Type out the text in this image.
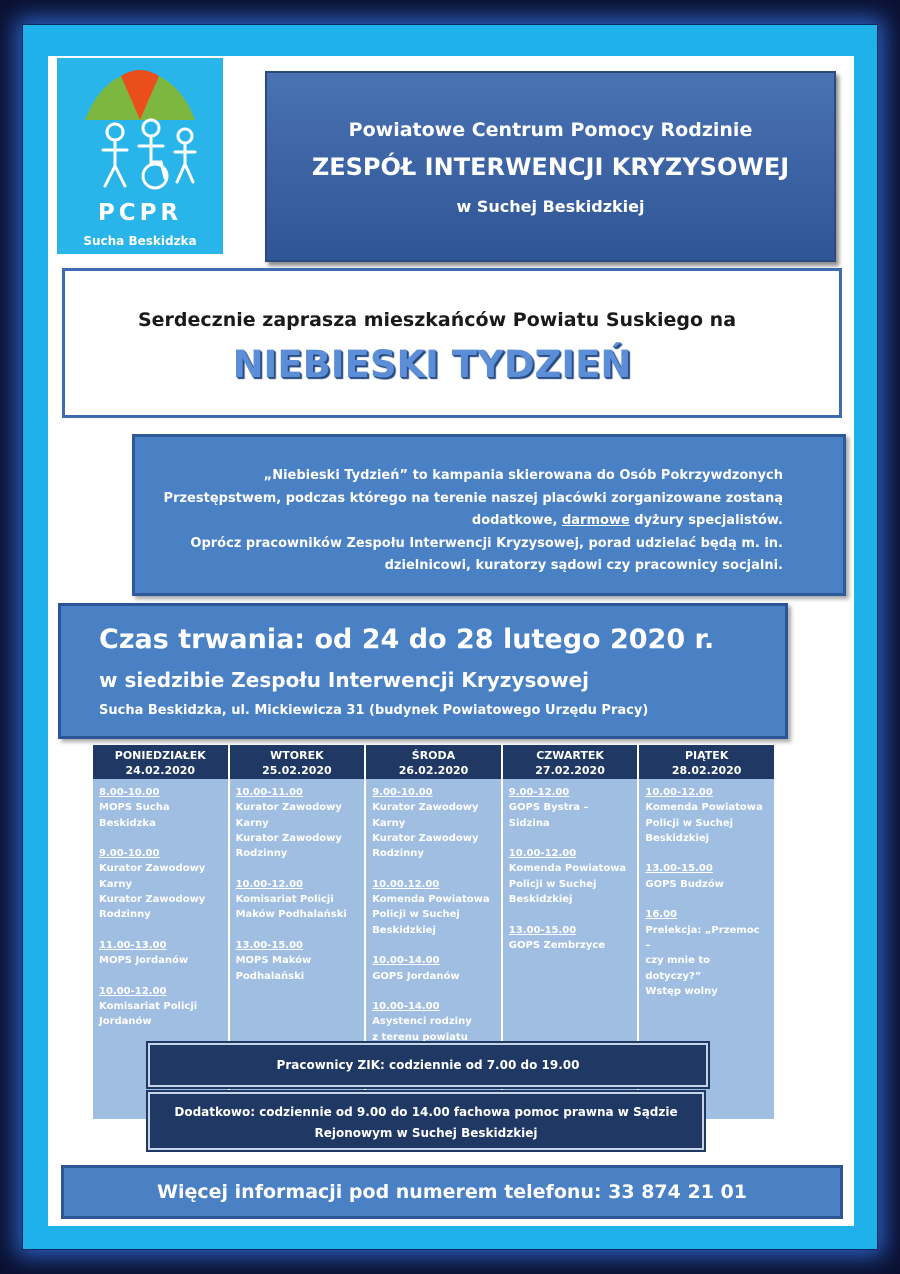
PCPR
Sucha Beskidzka
Powiatowe Centrum Pomocy Rodzinie
ZESPÓŁ INTERWENCJI KRYZYSOWEJ
w Suchej Beskidzkiej
Serdecznie zaprasza mieszkańców Powiatu Suskiego na
NIEBIESKI TYDZIEŃ
„Niebieski Tydzień” to kampania skierowana do Osób Pokrzywdzonych Przestępstwem, podczas którego na terenie naszej placówki zorganizowane zostaną dodatkowe, darmowe dyżury specjalistów.
Oprócz pracowników Zespołu Interwencji Kryzysowej, porad udzielać będą m. in. dzielnicowi, kuratorzy sądowi czy pracownicy socjalni.
Czas trwania: od 24 do 28 lutego 2020 r.
w siedzibie Zespołu Interwencji Kryzysowej
Sucha Beskidzka, ul. Mickiewicza 31 (budynek Powiatowego Urzędu Pracy)
PONIEDZIAŁEK
24.02.2020
8.00-10.00
MOPS Sucha
Beskidzka
9.00-10.00
Kurator Zawodowy
Karny
Kurator Zawodowy
Rodzinny
11.00-13.00
MOPS Jordanów
10.00-12.00
Komisariat Policji
Jordanów
WTOREK
25.02.2020
10.00-11.00
Kurator Zawodowy
Karny
Kurator Zawodowy
Rodzinny
10.00-12.00
Komisariat Policji
Maków Podhalański
13.00-15.00
MOPS Maków
Podhalański
ŚRODA
26.02.2020
9.00-10.00
Kurator Zawodowy
Karny
Kurator Zawodowy
Rodzinny
10.00.12.00
Komenda Powiatowa
Policji w Suchej
Beskidzkiej
10.00-14.00
GOPS Jordanów
10.00-14.00
Asystenci rodziny
z terenu powiatu
CZWARTEK
27.02.2020
9.00-12.00
GOPS Bystra – Sidzina
10.00-12.00
Komenda Powiatowa
Policji w Suchej
Beskidzkiej
13.00-15.00
GOPS Zembrzyce
PIĄTEK
28.02.2020
10.00-12.00
Komenda Powiatowa
Policji w Suchej
Beskidzkiej

13.00-15.00
GOPS Budzów
16.00
Prelekcja: „Przemoc –
czy mnie to dotyczy?”
Wstęp wolny
Pracownicy ZIK: codziennie od 7.00 do 19.00
Dodatkowo: codziennie od 9.00 do 14.00 fachowa pomoc prawna w Sądzie
Rejonowym w Suchej Beskidzkiej
Więcej informacji pod numerem telefonu: 33 874 21 01
